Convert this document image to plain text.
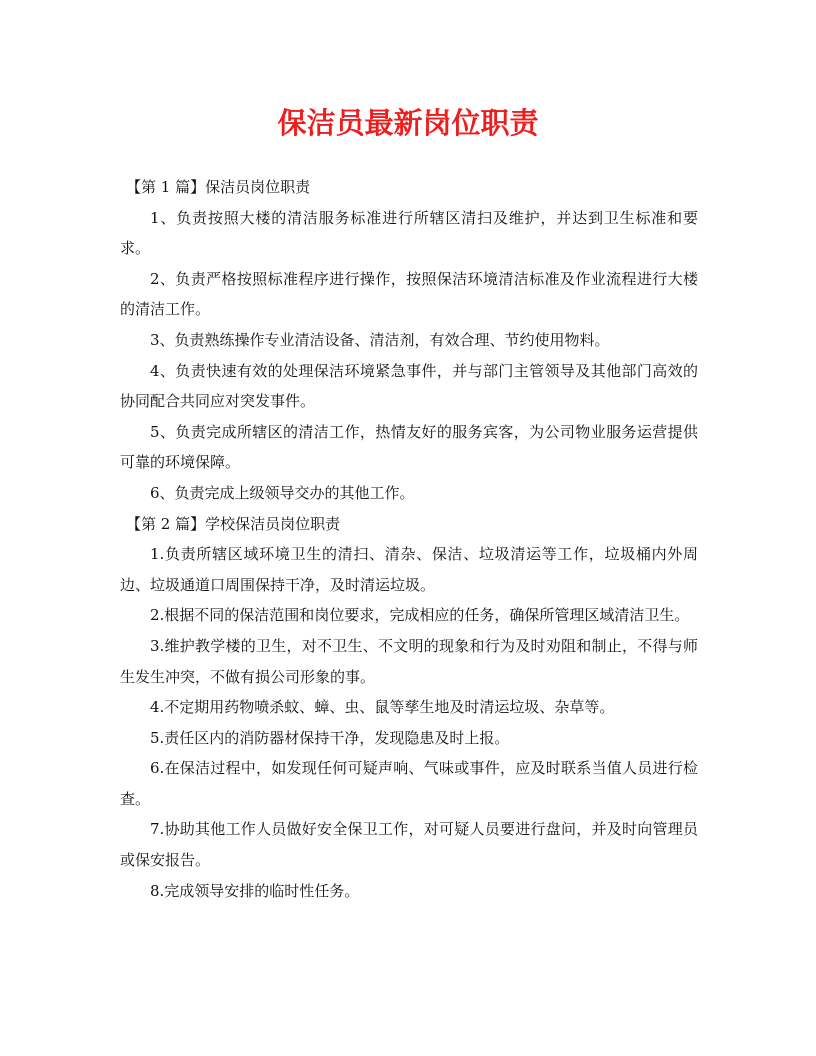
保洁员最新岗位职责

【第 1 篇】保洁员岗位职责

1、负责按照大楼的清洁服务标准进行所辖区清扫及维护，并达到卫生标准和要求。

2、负责严格按照标准程序进行操作，按照保洁环境清洁标准及作业流程进行大楼的清洁工作。

3、负责熟练操作专业清洁设备、清洁剂，有效合理、节约使用物料。

4、负责快速有效的处理保洁环境紧急事件，并与部门主管领导及其他部门高效的协同配合共同应对突发事件。

5、负责完成所辖区的清洁工作，热情友好的服务宾客，为公司物业服务运营提供可靠的环境保障。

6、负责完成上级领导交办的其他工作。

【第 2 篇】学校保洁员岗位职责

1.负责所辖区域环境卫生的清扫、清杂、保洁、垃圾清运等工作，垃圾桶内外周边、垃圾通道口周围保持干净，及时清运垃圾。

2.根据不同的保洁范围和岗位要求，完成相应的任务，确保所管理区域清洁卫生。

3.维护教学楼的卫生，对不卫生、不文明的现象和行为及时劝阻和制止，不得与师生发生冲突，不做有损公司形象的事。

4.不定期用药物喷杀蚊、蟑、虫、鼠等孳生地及时清运垃圾、杂草等。

5.责任区内的消防器材保持干净，发现隐患及时上报。

6.在保洁过程中，如发现任何可疑声响、气味或事件，应及时联系当值人员进行检查。

7.协助其他工作人员做好安全保卫工作，对可疑人员要进行盘问，并及时向管理员或保安报告。

8.完成领导安排的临时性任务。
